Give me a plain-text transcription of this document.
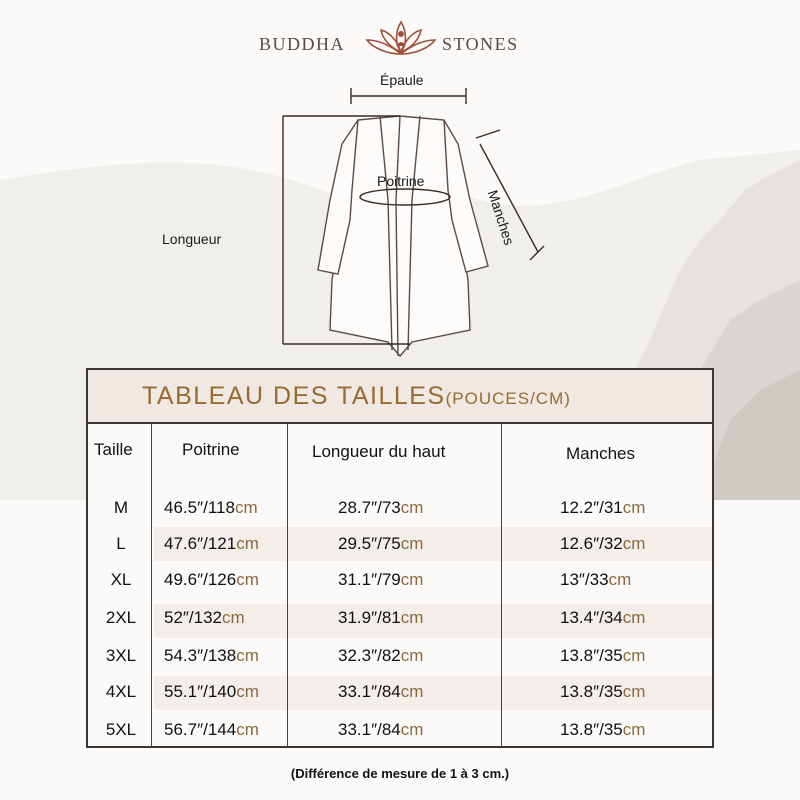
BUDDHA	STONES
Épaule
Poitrine
Longueur	Manches
TABLEAU DES TAILLES(POUCES/CM)
Taille	Poitrine	Longueur du haut	Manches
M	46.5″/118cm	28.7″/73cm	12.2″/31cm
L	47.6″/121cm	29.5″/75cm	12.6″/32cm
XL	49.6″/126cm	31.1″/79cm	13″/33cm
2XL	52″/132cm	31.9″/81cm	13.4″/34cm
3XL	54.3″/138cm	32.3″/82cm	13.8″/35cm
4XL	55.1″/140cm	33.1″/84cm	13.8″/35cm
5XL	56.7″/144cm	33.1″/84cm	13.8″/35cm
(Différence de mesure de 1 à 3 cm.)
